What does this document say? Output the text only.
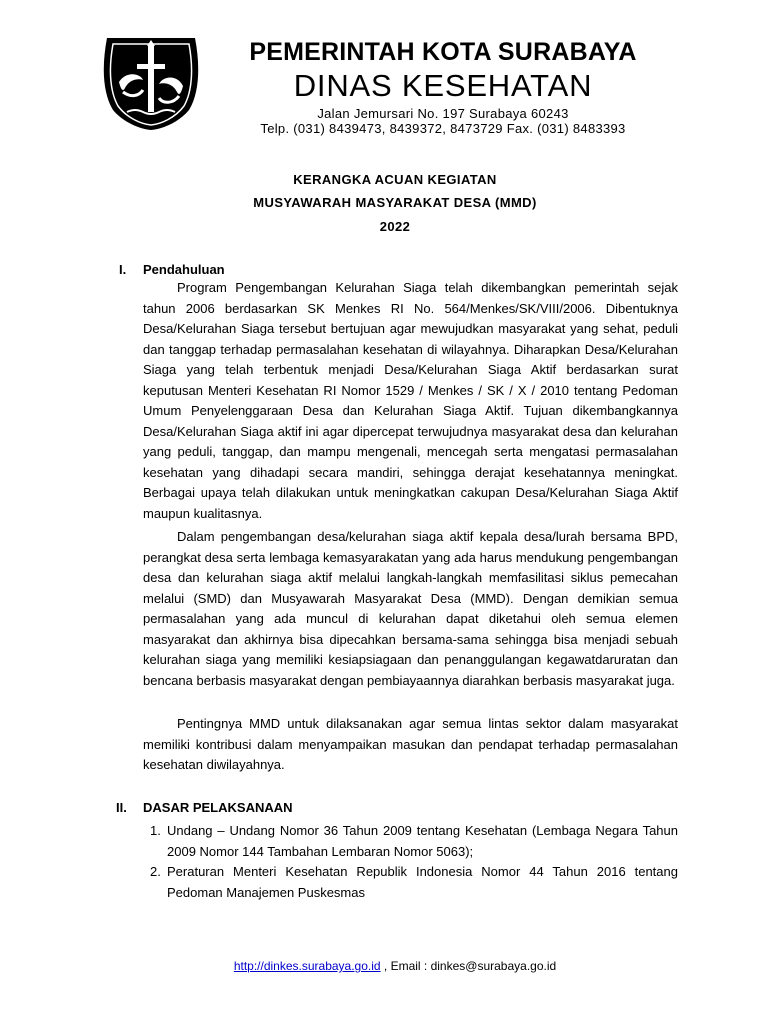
PEMERINTAH KOTA SURABAYA
DINAS KESEHATAN
Jalan Jemursari No. 197 Surabaya 60243
Telp. (031) 8439473, 8439372, 8473729 Fax. (031) 8483393
KERANGKA ACUAN KEGIATAN
MUSYAWARAH MASYARAKAT DESA (MMD)
2022
I. Pendahuluan

Program Pengembangan Kelurahan Siaga telah dikembangkan pemerintah sejak tahun 2006 berdasarkan SK Menkes RI No. 564/Menkes/SK/VIII/2006. Dibentuknya Desa/Kelurahan Siaga tersebut bertujuan agar mewujudkan masyarakat yang sehat, peduli dan tanggap terhadap permasalahan kesehatan di wilayahnya. Diharapkan Desa/Kelurahan Siaga yang telah terbentuk menjadi Desa/Kelurahan Siaga Aktif berdasarkan surat keputusan Menteri Kesehatan RI Nomor 1529 / Menkes / SK / X / 2010 tentang Pedoman Umum Penyelenggaraan Desa dan Kelurahan Siaga Aktif. Tujuan dikembangkannya Desa/Kelurahan Siaga aktif ini agar dipercepat terwujudnya masyarakat desa dan kelurahan yang peduli, tanggap, dan mampu mengenali, mencegah serta mengatasi permasalahan kesehatan yang dihadapi secara mandiri, sehingga derajat kesehatannya meningkat. Berbagai upaya telah dilakukan untuk meningkatkan cakupan Desa/Kelurahan Siaga Aktif maupun kualitasnya.

Dalam pengembangan desa/kelurahan siaga aktif kepala desa/lurah bersama BPD, perangkat desa serta lembaga kemasyarakatan yang ada harus mendukung pengembangan desa dan kelurahan siaga aktif melalui langkah-langkah memfasilitasi siklus pemecahan melalui (SMD) dan Musyawarah Masyarakat Desa (MMD). Dengan demikian semua permasalahan yang ada muncul di kelurahan dapat diketahui oleh semua elemen masyarakat dan akhirnya bisa dipecahkan bersama-sama sehingga bisa menjadi sebuah kelurahan siaga yang memiliki kesiapsiagaan dan penanggulangan kegawatdaruratan dan bencana berbasis masyarakat dengan pembiayaannya diarahkan berbasis masyarakat juga.

Pentingnya MMD untuk dilaksanakan agar semua lintas sektor dalam masyarakat memiliki kontribusi dalam menyampaikan masukan dan pendapat terhadap permasalahan kesehatan diwilayahnya.

II. DASAR PELAKSANAAN
1. Undang – Undang Nomor 36 Tahun 2009 tentang Kesehatan (Lembaga Negara Tahun 2009 Nomor 144 Tambahan Lembaran Nomor 5063);
2. Peraturan Menteri Kesehatan Republik Indonesia Nomor 44 Tahun 2016 tentang Pedoman Manajemen Puskesmas
http://dinkes.surabaya.go.id , Email : dinkes@surabaya.go.id
